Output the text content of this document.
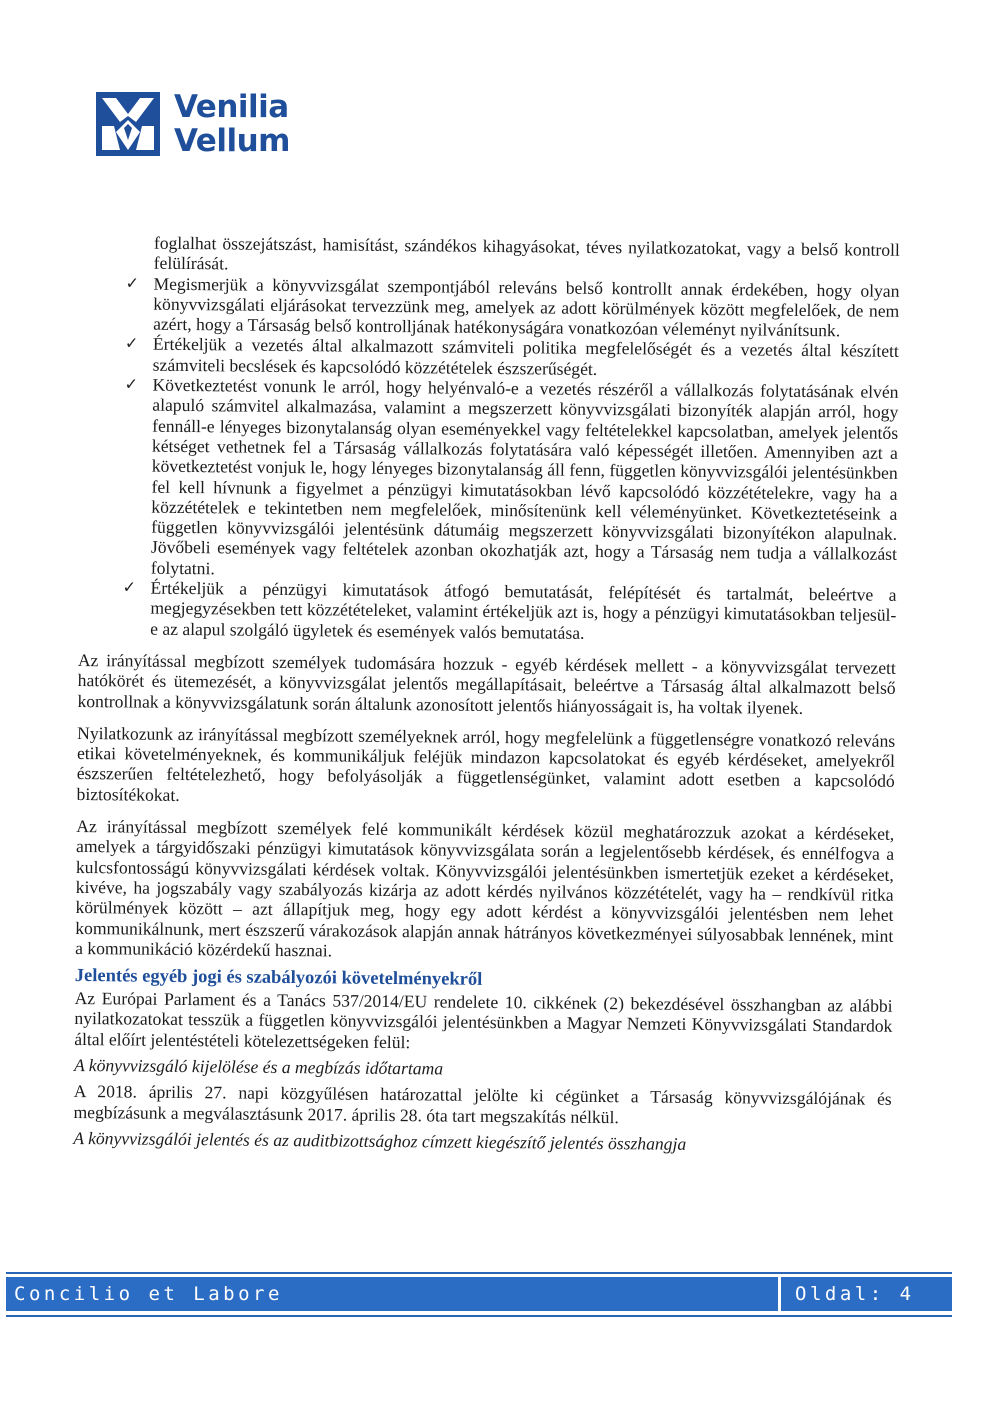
Venilia
Vellum

foglalhat összejátszást, hamisítást, szándékos kihagyásokat, téves nyilatkozatokat, vagy a belső kontroll felülírását.

✓ Megismerjük a könyvvizsgálat szempontjából releváns belső kontrollt annak érdekében, hogy olyan könyvvizsgálati eljárásokat tervezzünk meg, amelyek az adott körülmények között megfelelőek, de nem azért, hogy a Társaság belső kontrolljának hatékonyságára vonatkozóan véleményt nyilvánítsunk.
✓ Értékeljük a vezetés által alkalmazott számviteli politika megfelelőségét és a vezetés által készített számviteli becslések és kapcsolódó közzétételek észszerűségét.
✓ Következtetést vonunk le arról, hogy helyénvaló-e a vezetés részéről a vállalkozás folytatásának elvén alapuló számvitel alkalmazása, valamint a megszerzett könyvvizsgálati bizonyíték alapján arról, hogy fennáll-e lényeges bizonytalanság olyan eseményekkel vagy feltételekkel kapcsolatban, amelyek jelentős kétséget vethetnek fel a Társaság vállalkozás folytatására való képességét illetően. Amennyiben azt a következtetést vonjuk le, hogy lényeges bizonytalanság áll fenn, független könyvvizsgálói jelentésünkben fel kell hívnunk a figyelmet a pénzügyi kimutatásokban lévő kapcsolódó közzétételekre, vagy ha a közzétételek e tekintetben nem megfelelőek, minősítenünk kell véleményünket. Következtetéseink a független könyvvizsgálói jelentésünk dátumáig megszerzett könyvvizsgálati bizonyítékon alapulnak. Jövőbeli események vagy feltételek azonban okozhatják azt, hogy a Társaság nem tudja a vállalkozást folytatni.
✓ Értékeljük a pénzügyi kimutatások átfogó bemutatását, felépítését és tartalmát, beleértve a megjegyzésekben tett közzétételeket, valamint értékeljük azt is, hogy a pénzügyi kimutatásokban teljesül-e az alapul szolgáló ügyletek és események valós bemutatása.

Az irányítással megbízott személyek tudomására hozzuk - egyéb kérdések mellett - a könyvvizsgálat tervezett hatókörét és ütemezését, a könyvvizsgálat jelentős megállapításait, beleértve a Társaság által alkalmazott belső kontrollnak a könyvvizsgálatunk során általunk azonosított jelentős hiányosságait is, ha voltak ilyenek.

Nyilatkozunk az irányítással megbízott személyeknek arról, hogy megfelelünk a függetlenségre vonatkozó releváns etikai követelményeknek, és kommunikáljuk feléjük mindazon kapcsolatokat és egyéb kérdéseket, amelyekről észszerűen feltételezhető, hogy befolyásolják a függetlenségünket, valamint adott esetben a kapcsolódó biztosítékokat.

Az irányítással megbízott személyek felé kommunikált kérdések közül meghatározzuk azokat a kérdéseket, amelyek a tárgyidőszaki pénzügyi kimutatások könyvvizsgálata során a legjelentősebb kérdések, és ennélfogva a kulcsfontosságú könyvvizsgálati kérdések voltak. Könyvvizsgálói jelentésünkben ismertetjük ezeket a kérdéseket, kivéve, ha jogszabály vagy szabályozás kizárja az adott kérdés nyilvános közzétételét, vagy ha – rendkívül ritka körülmények között – azt állapítjuk meg, hogy egy adott kérdést a könyvvizsgálói jelentésben nem lehet kommunikálnunk, mert észszerű várakozások alapján annak hátrányos következményei súlyosabbak lennének, mint a kommunikáció közérdekű hasznai.

Jelentés egyéb jogi és szabályozói követelményekről

Az Európai Parlament és a Tanács 537/2014/EU rendelete 10. cikkének (2) bekezdésével összhangban az alábbi nyilatkozatokat tesszük a független könyvvizsgálói jelentésünkben a Magyar Nemzeti Könyvvizsgálati Standardok által előírt jelentéstételi kötelezettségeken felül:

A könyvvizsgáló kijelölése és a megbízás időtartama

A 2018. április 27. napi közgyűlésen határozattal jelölte ki cégünket a Társaság könyvvizsgálójának és megbízásunk a megválasztásunk 2017. április 28. óta tart megszakítás nélkül.

A könyvvizsgálói jelentés és az auditbizottsághoz címzett kiegészítő jelentés összhangja

Concilio et Labore	Oldal: 4
